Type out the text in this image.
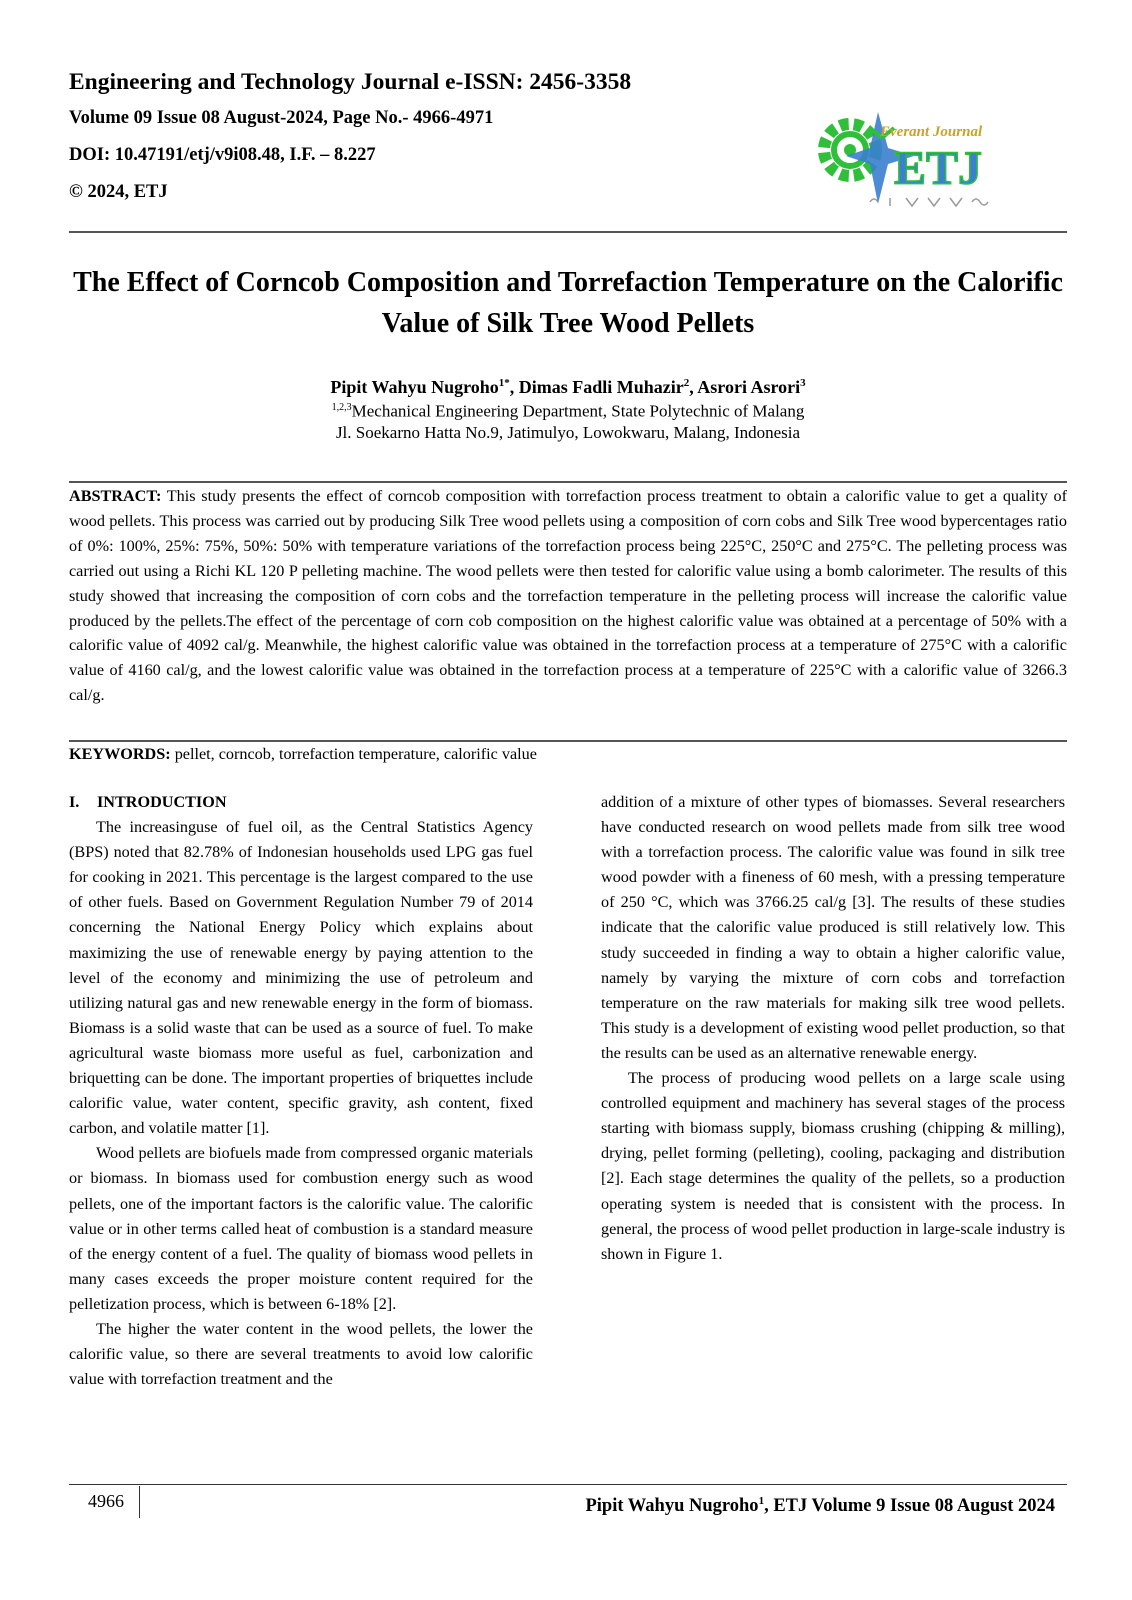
Engineering and Technology Journal e-ISSN: 2456-3358
Volume 09 Issue 08 August-2024, Page No.- 4966-4971
DOI: 10.47191/etj/v9i08.48, I.F. – 8.227
© 2024, ETJ
Everant Journal
ETJ
The Effect of Corncob Composition and Torrefaction Temperature on the Calorific Value of Silk Tree Wood Pellets
Pipit Wahyu Nugroho$^{1*}$, Dimas Fadli Muhazir$^2$, Asrori Asrori$^3$
$^{1,2,3}$Mechanical Engineering Department, State Polytechnic of Malang
Jl. Soekarno Hatta No.9, Jatimulyo, Lowokwaru, Malang, Indonesia

ABSTRACT: This study presents the effect of corncob composition with torrefaction process treatment to obtain a calorific value to get a quality of wood pellets. This process was carried out by producing Silk Tree wood pellets using a composition of corn cobs and Silk Tree wood bypercentages ratio of 0%: 100%, 25%: 75%, 50%: 50% with temperature variations of the torrefaction process being 225°C, 250°C and 275°C. The pelleting process was carried out using a Richi KL 120 P pelleting machine. The wood pellets were then tested for calorific value using a bomb calorimeter. The results of this study showed that increasing the composition of corn cobs and the torrefaction temperature in the pelleting process will increase the calorific value produced by the pellets.The effect of the percentage of corn cob composition on the highest calorific value was obtained at a percentage of 50% with a calorific value of 4092 cal/g. Meanwhile, the highest calorific value was obtained in the torrefaction process at a temperature of 275°C with a calorific value of 4160 cal/g, and the lowest calorific value was obtained in the torrefaction process at a temperature of 225°C with a calorific value of 3266.3 cal/g.

KEYWORDS: pellet, corncob, torrefaction temperature, calorific value

I. INTRODUCTION

The increasinguse of fuel oil, as the Central Statistics Agency (BPS) noted that 82.78% of Indonesian households used LPG gas fuel for cooking in 2021. This percentage is the largest compared to the use of other fuels. Based on Government Regulation Number 79 of 2014 concerning the National Energy Policy which explains about maximizing the use of renewable energy by paying attention to the level of the economy and minimizing the use of petroleum and utilizing natural gas and new renewable energy in the form of biomass. Biomass is a solid waste that can be used as a source of fuel. To make agricultural waste biomass more useful as fuel, carbonization and briquetting can be done. The important properties of briquettes include calorific value, water content, specific gravity, ash content, fixed carbon, and volatile matter [1].

Wood pellets are biofuels made from compressed organic materials or biomass. In biomass used for combustion energy such as wood pellets, one of the important factors is the calorific value. The calorific value or in other terms called heat of combustion is a standard measure of the energy content of a fuel. The quality of biomass wood pellets in many cases exceeds the proper moisture content required for the pelletization process, which is between 6-18% [2].

The higher the water content in the wood pellets, the lower the calorific value, so there are several treatments to avoid low calorific value with torrefaction treatment and the

addition of a mixture of other types of biomasses. Several researchers have conducted research on wood pellets made from silk tree wood with a torrefaction process. The calorific value was found in silk tree wood powder with a fineness of 60 mesh, with a pressing temperature of 250 °C, which was 3766.25 cal/g [3]. The results of these studies indicate that the calorific value produced is still relatively low. This study succeeded in finding a way to obtain a higher calorific value, namely by varying the mixture of corn cobs and torrefaction temperature on the raw materials for making silk tree wood pellets. This study is a development of existing wood pellet production, so that the results can be used as an alternative renewable energy.

The process of producing wood pellets on a large scale using controlled equipment and machinery has several stages of the process starting with biomass supply, biomass crushing (chipping & milling), drying, pellet forming (pelleting), cooling, packaging and distribution [2]. Each stage determines the quality of the pellets, so a production operating system is needed that is consistent with the process. In general, the process of wood pellet production in large-scale industry is shown in Figure 1.

4966	Pipit Wahyu Nugroho$^1$, ETJ Volume 9 Issue 08 August 2024
